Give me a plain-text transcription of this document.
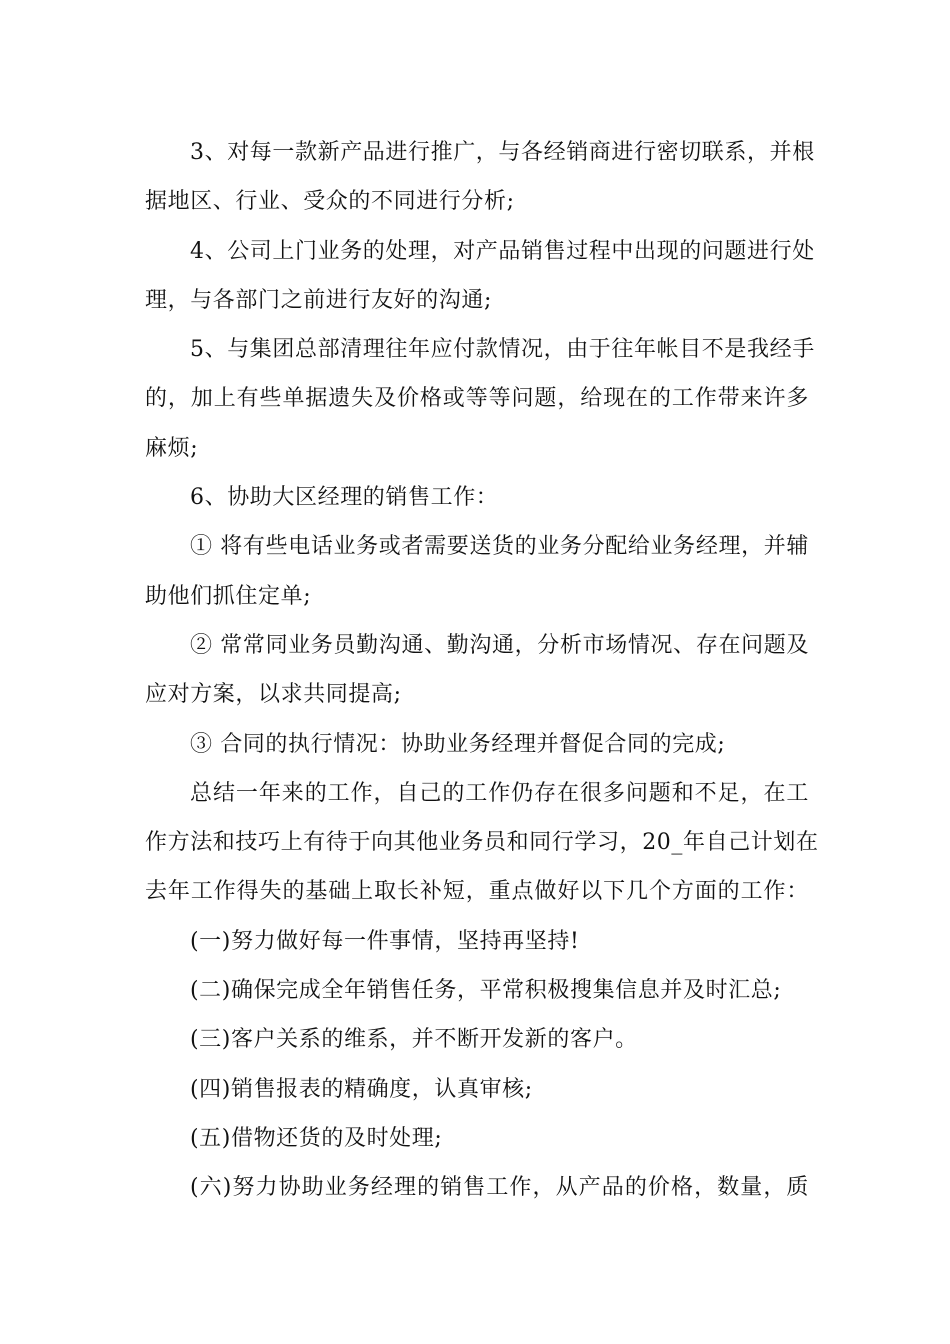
3、对每一款新产品进行推广，与各经销商进行密切联系，并根
据地区、行业、受众的不同进行分析;
4、公司上门业务的处理，对产品销售过程中出现的问题进行处
理，与各部门之前进行友好的沟通;
5、与集团总部清理往年应付款情况，由于往年帐目不是我经手
的，加上有些单据遗失及价格或等等问题，给现在的工作带来许多
麻烦;
6、协助大区经理的销售工作：
① 将有些电话业务或者需要送货的业务分配给业务经理，并辅
助他们抓住定单;
② 常常同业务员勤沟通、勤沟通，分析市场情况、存在问题及
应对方案，以求共同提高;
③ 合同的执行情况：协助业务经理并督促合同的完成;
总结一年来的工作，自己的工作仍存在很多问题和不足，在工
作方法和技巧上有待于向其他业务员和同行学习，20_年自己计划在
去年工作得失的基础上取长补短，重点做好以下几个方面的工作：
(一)努力做好每一件事情，坚持再坚持!
(二)确保完成全年销售任务，平常积极搜集信息并及时汇总;
(三)客户关系的维系，并不断开发新的客户。
(四)销售报表的精确度，认真审核;
(五)借物还货的及时处理;
(六)努力协助业务经理的销售工作，从产品的价格，数量，质
